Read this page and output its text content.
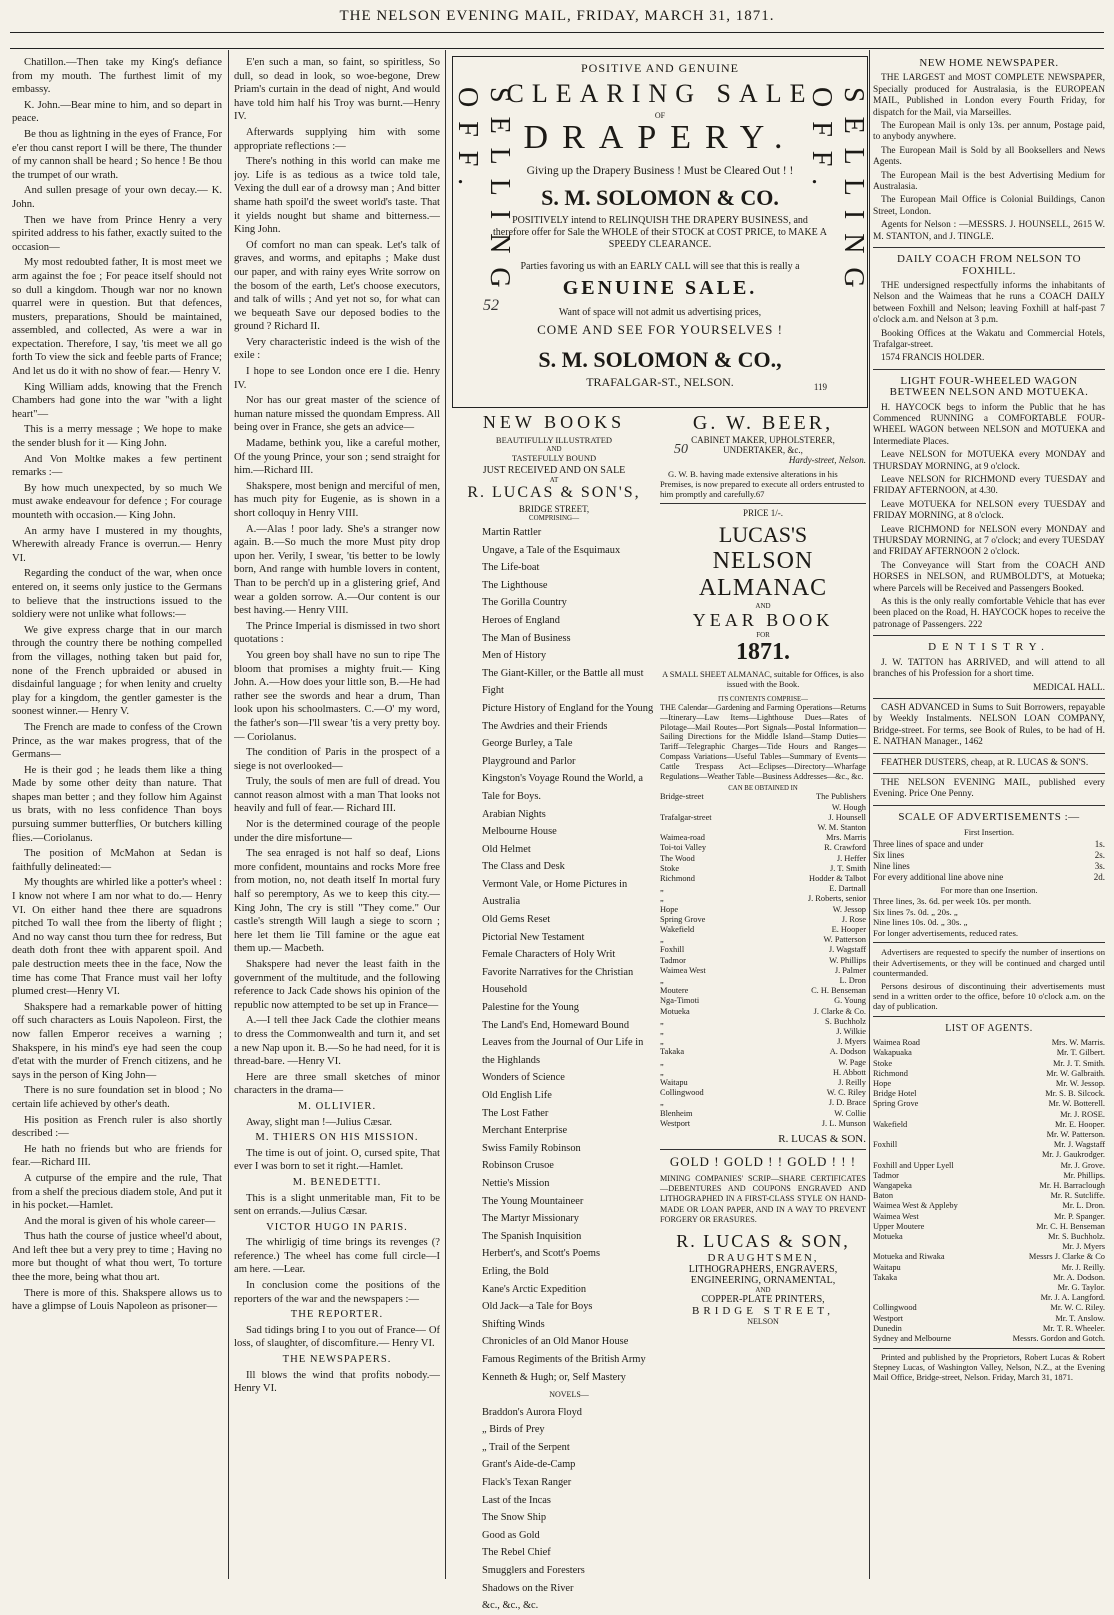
THE NELSON EVENING MAIL, FRIDAY, MARCH 31, 1871.

Chatillon.—Then take my King's defiance from my mouth. The furthest limit of my embassy.

K. John.—Bear mine to him, and so depart in peace.

Be thou as lightning in the eyes of France, For e'er thou canst report I will be there, The thunder of my cannon shall be heard ; So hence ! Be thou the trumpet of our wrath.

And sullen presage of your own decay.— K. John.

Then we have from Prince Henry a very spirited address to his father, exactly suited to the occasion—

My most redoubted father, It is most meet we arm against the foe ; For peace itself should not so dull a kingdom. Though war nor no known quarrel were in question. But that defences, musters, preparations, Should be maintained, assembled, and collected, As were a war in expectation. Therefore, I say, 'tis meet we all go forth To view the sick and feeble parts of France; And let us do it with no show of fear.— Henry V.

King William adds, knowing that the French Chambers had gone into the war "with a light heart"—

This is a merry message ; We hope to make the sender blush for it — King John.

And Von Moltke makes a few pertinent remarks :—

By how much unexpected, by so much We must awake endeavour for defence ; For courage mounteth with occasion.— King John.

An army have I mustered in my thoughts, Wherewith already France is overrun.— Henry VI.

Regarding the conduct of the war, when once entered on, it seems only justice to the Germans to believe that the instructions issued to the soldiery were not unlike what follows:—

We give express charge that in our march through the country there be nothing compelled from the villages, nothing taken but paid for, none of the French upbraided or abused in disdainful language ; for when lenity and cruelty play for a kingdom, the gentler gamester is the soonest winner.— Henry V.

The French are made to confess of the Crown Prince, as the war makes progress, that of the Germans—

He is their god ; he leads them like a thing Made by some other deity than nature. That shapes man better ; and they follow him Against us brats, with no less confidence Than boys pursuing summer butterflies, Or butchers killing flies.—Coriolanus.

The position of McMahon at Sedan is faithfully delineated:—

My thoughts are whirled like a potter's wheel : I know not where I am nor what to do.— Henry VI. On either hand thee there are squadrons pitched To wall thee from the liberty of flight ; And no way canst thou turn thee for redress, But death doth front thee with apparent spoil. And pale destruction meets thee in the face, Now the time has come That France must vail her lofty plumed crest—Henry VI.

Shakspere had a remarkable power of hitting off such characters as Louis Napoleon. First, the now fallen Emperor receives a warning ; Shakspere, in his mind's eye had seen the coup d'etat with the murder of French citizens, and he says in the person of King John—

There is no sure foundation set in blood ; No certain life achieved by other's death.

His position as French ruler is also shortly described :—

He hath no friends but who are friends for fear.—Richard III.

A cutpurse of the empire and the rule, That from a shelf the precious diadem stole, And put it in his pocket.—Hamlet.

And the moral is given of his whole career—

Thus hath the course of justice wheel'd about, And left thee but a very prey to time ; Having no more but thought of what thou wert, To torture thee the more, being what thou art.

There is more of this. Shakspere allows us to have a glimpse of Louis Napoleon as prisoner—

E'en such a man, so faint, so spiritless, So dull, so dead in look, so woe-begone, Drew Priam's curtain in the dead of night, And would have told him half his Troy was burnt.—Henry IV.

Afterwards supplying him with some appropriate reflections :—

There's nothing in this world can make me joy. Life is as tedious as a twice told tale, Vexing the dull ear of a drowsy man ; And bitter shame hath spoil'd the sweet world's taste. That it yields nought but shame and bitterness.—King John.

Of comfort no man can speak. Let's talk of graves, and worms, and epitaphs ; Make dust our paper, and with rainy eyes Write sorrow on the bosom of the earth, Let's choose executors, and talk of wills ; And yet not so, for what can we bequeath Save our deposed bodies to the ground ? Richard II.

Very characteristic indeed is the wish of the exile :

I hope to see London once ere I die. Henry IV.

Nor has our great master of the science of human nature missed the quondam Empress. All being over in France, she gets an advice—

Madame, bethink you, like a careful mother, Of the young Prince, your son ; send straight for him.—Richard III.

Shakspere, most benign and merciful of men, has much pity for Eugenie, as is shown in a short colloquy in Henry VIII.

A.—Alas ! poor lady. She's a stranger now again. B.—So much the more Must pity drop upon her. Verily, I swear, 'tis better to be lowly born, And range with humble lovers in content, Than to be perch'd up in a glistering grief, And wear a golden sorrow. A.—Our content is our best having.— Henry VIII.

The Prince Imperial is dismissed in two short quotations :

You green boy shall have no sun to ripe The bloom that promises a mighty fruit.— King John. A.—How does your little son, B.—He had rather see the swords and hear a drum, Than look upon his schoolmasters. C.—O' my word, the father's son—I'll swear 'tis a very pretty boy.— Coriolanus.

The condition of Paris in the prospect of a siege is not overlooked—

Truly, the souls of men are full of dread. You cannot reason almost with a man That looks not heavily and full of fear.— Richard III.

Nor is the determined courage of the people under the dire misfortune—

The sea enraged is not half so deaf, Lions more confident, mountains and rocks More free from motion, no, not death itself In mortal fury half so peremptory, As we to keep this city.—King John, The cry is still "They come." Our castle's strength Will laugh a siege to scorn ; here let them lie Till famine or the ague eat them up.— Macbeth.

Shakspere had never the least faith in the government of the multitude, and the following reference to Jack Cade shows his opinion of the republic now attempted to be set up in France—

A.—I tell thee Jack Cade the clothier means to dress the Commonwealth and turn it, and set a new Nap upon it. B.—So he had need, for it is thread-bare. —Henry VI.

Here are three small sketches of minor characters in the drama—

M. OLLIVIER.

Away, slight man !—Julius Cæsar.

M. THIERS ON HIS MISSION.

The time is out of joint. O, cursed spite, That ever I was born to set it right.—Hamlet.

M. BENEDETTI.

This is a slight unmeritable man, Fit to be sent on errands.—Julius Cæsar.

VICTOR HUGO IN PARIS.

The whirligig of time brings its revenges (? reference.) The wheel has come full circle—I am here. —Lear.

In conclusion come the positions of the reporters of the war and the newspapers :—

THE REPORTER.

Sad tidings bring I to you out of France— Of loss, of slaughter, of discomfiture.— Henry VI.

THE NEWSPAPERS.

Ill blows the wind that profits nobody.— Henry VI.

SELLING OFF.	SELLING OFF.
POSITIVE AND GENUINE
CLEARING SALE
OF
DRAPERY.
Giving up the Drapery Business ! Must be Cleared Out ! !
S. M. SOLOMON & CO.
POSITIVELY intend to RELINQUISH THE DRAPERY BUSINESS, and therefore offer for Sale the WHOLE of their STOCK at COST PRICE, to MAKE A SPEEDY CLEARANCE.
Parties favoring us with an EARLY CALL will see that this is really a
GENUINE SALE.
Want of space will not admit us advertising prices,
COME AND SEE FOR YOURSELVES !
S. M. SOLOMON & CO.,
TRAFALGAR-ST., NELSON.	119
52
NEW BOOKS
BEAUTIFULLY ILLUSTRATED
AND
TASTEFULLY BOUND
JUST RECEIVED AND ON SALE
AT
R. LUCAS & SON'S,
BRIDGE STREET,
COMPRISING—
Martin Rattler
Ungave, a Tale of the Esquimaux
The Life-boat
The Lighthouse
The Gorilla Country
Heroes of England
The Man of Business
Men of History
The Giant-Killer, or the Battle all must Fight
Picture History of England for the Young
The Awdries and their Friends
George Burley, a Tale
Playground and Parlor
Kingston's Voyage Round the World, a Tale for Boys.
Arabian Nights
Melbourne House
Old Helmet
The Class and Desk
Vermont Vale, or Home Pictures in Australia
Old Gems Reset
Pictorial New Testament
Female Characters of Holy Writ
Favorite Narratives for the Christian Household
Palestine for the Young
The Land's End, Homeward Bound
Leaves from the Journal of Our Life in the Highlands
Wonders of Science
Old English Life
The Lost Father
Merchant Enterprise
Swiss Family Robinson
Robinson Crusoe
Nettie's Mission
The Young Mountaineer
The Martyr Missionary
The Spanish Inquisition
Herbert's, and Scott's Poems
Erling, the Bold
Kane's Arctic Expedition
Old Jack—a Tale for Boys
Shifting Winds
Chronicles of an Old Manor House
Famous Regiments of the British Army
Kenneth & Hugh; or, Self Mastery
NOVELS—
Braddon's Aurora Floyd
„ Birds of Prey
„ Trail of the Serpent
Grant's Aide-de-Camp
Flack's Texan Ranger
Last of the Incas
The Snow Ship
Good as Gold
The Rebel Chief
Smugglers and Foresters
Shadows on the River
&c., &c., &c.
G. W. BEER,
CABINET MAKER, UPHOLSTERER,
UNDERTAKER, &c.,
Hardy-street, Nelson.
G. W. B. having made extensive alterations in his Premises, is now prepared to execute all orders entrusted to him promptly and carefully.67
50
PRICE 1/-.
LUCAS'S
NELSON ALMANAC
AND
YEAR BOOK
FOR
1871.
A SMALL SHEET ALMANAC, suitable for Offices, is also issued with the Book.
ITS CONTENTS COMPRISE—
THE Calendar—Gardening and Farming Operations—Returns—Itinerary—Law Items—Lighthouse Dues—Rates of Pilotage—Mail Routes—Port Signals—Postal Information—Sailing Directions for the Middle Island—Stamp Duties—Tariff—Telegraphic Charges—Tide Hours and Ranges—Compass Variations—Useful Tables—Summary of Events—Cattle Trespass Act—Eclipses—Directory—Wharfage Regulations—Weather Table—Business Addresses—&c., &c.
CAN BE OBTAINED IN
Bridge-street	The Publishers
W. Hough
Trafalgar-street	J. Hounsell
W. M. Stanton
Waimea-road	Mrs. Marris
Toi-toi Valley	R. Crawford
The Wood	J. Heffer
Stoke	J. T. Smith
Richmond	Hodder & Talbot
„	E. Dartnall
„	J. Roberts, senior
Hope	W. Jessop
Spring Grove	J. Rose
Wakefield	E. Hooper
„	W. Patterson
Foxhill	J. Wagstaff
Tadmor	W. Phillips
Waimea West	J. Palmer
„	L. Dron
Moutere	C. H. Benseman
Nga-Timoti	G. Young
Motueka	J. Clarke & Co.
„	S. Buchholz
„	J. Wilkie
„	J. Myers
Takaka	A. Dodson
„	W. Page
„	H. Abbott
Waitapu	J. Reilly
Collingwood	W. C. Riley
„	J. D. Brace
Blenheim	W. Collie
Westport	J. L. Munson
R. LUCAS & SON.
GOLD ! GOLD ! ! GOLD ! ! !
MINING COMPANIES' SCRIP—SHARE CERTIFICATES—DEBENTURES AND COUPONS ENGRAVED AND LITHOGRAPHED IN A FIRST-CLASS STYLE ON HAND-MADE OR LOAN PAPER, AND IN A WAY TO PREVENT FORGERY OR ERASURES.
R. LUCAS & SON,
DRAUGHTSMEN,
LITHOGRAPHERS, ENGRAVERS,
ENGINEERING, ORNAMENTAL,
AND
COPPER-PLATE PRINTERS,
BRIDGE STREET,
NELSON
NEW HOME NEWSPAPER.

THE LARGEST and MOST COMPLETE NEWSPAPER, Specially produced for Australasia, is the EUROPEAN MAIL, Published in London every Fourth Friday, for dispatch for the Mail, via Marseilles.

The European Mail is only 13s. per annum, Postage paid, to anybody anywhere.

The European Mail is Sold by all Booksellers and News Agents.

The European Mail is the best Advertising Medium for Australasia.

The European Mail Office is Colonial Buildings, Canon Street, London.

Agents for Nelson : —MESSRS. J. HOUNSELL, 2615 W. M. STANTON, and J. TINGLE.

DAILY COACH FROM NELSON TO FOXHILL.

THE undersigned respectfully informs the inhabitants of Nelson and the Waimeas that he runs a COACH DAILY between Foxhill and Nelson; leaving Foxhill at half-past 7 o'clock a.m. and Nelson at 3 p.m.

Booking Offices at the Wakatu and Commercial Hotels, Trafalgar-street.

1574 FRANCIS HOLDER.

LIGHT FOUR-WHEELED WAGON BETWEEN NELSON AND MOTUEKA.

H. HAYCOCK begs to inform the Public that he has Commenced RUNNING a COMFORTABLE FOUR-WHEEL WAGON between NELSON and MOTUEKA and Intermediate Places.

Leave NELSON for MOTUEKA every MONDAY and THURSDAY MORNING, at 9 o'clock.

Leave NELSON for RICHMOND every TUESDAY and FRIDAY AFTERNOON, at 4.30.

Leave MOTUEKA for NELSON every TUESDAY and FRIDAY MORNING, at 8 o'clock.

Leave RICHMOND for NELSON every MONDAY and THURSDAY MORNING, at 7 o'clock; and every TUESDAY and FRIDAY AFTERNOON 2 o'clock.

The Conveyance will Start from the COACH AND HORSES in NELSON, and RUMBOLDT'S, at Motueka; where Parcels will be Received and Passengers Booked.

As this is the only really comfortable Vehicle that has ever been placed on the Road, H. HAYCOCK hopes to receive the patronage of Passengers. 222

DENTISTRY.

J. W. TATTON has ARRIVED, and will attend to all branches of his Profession for a short time.

MEDICAL HALL.

CASH ADVANCED in Sums to Suit Borrowers, repayable by Weekly Instalments. NELSON LOAN COMPANY, Bridge-street. For terms, see Book of Rules, to be had of H. E. NATHAN Manager., 1462

FEATHER DUSTERS, cheap, at R. LUCAS & SON'S.

THE NELSON EVENING MAIL, published every Evening. Price One Penny.

SCALE OF ADVERTISEMENTS :—
First Insertion.
Three lines of space and under	1s.
Six lines	2s.
Nine lines	3s.
For every additional line above nine	2d.
For more than one Insertion.
Three lines, 3s. 6d. per week 10s. per month.
Six lines 7s. 0d. „ 20s. „
Nine lines 10s. 0d. „ 30s. „
For longer advertisements, reduced rates.

Advertisers are requested to specify the number of insertions on their Advertisements, or they will be continued and charged until countermanded.

Persons desirous of discontinuing their advertisements must send in a written order to the office, before 10 o'clock a.m. on the day of publication.

LIST OF AGENTS.
Waimea Road	Mrs. W. Marris.
Wakapuaka	Mr. T. Gilbert.
Stoke	Mr. J. T. Smith.
Richmond	Mr. W. Galbraith.
Hope	Mr. W. Jessop.
Bridge Hotel	Mr. S. B. Silcock.
Spring Grove	Mr. W. Botterell.
Mr. J. ROSE.
Wakefield	Mr. E. Hooper.
Mr. W. Patterson.
Foxhill	Mr. J. Wagstaff
Mr. J. Gaukrodger.
Foxhill and Upper Lyell	Mr. J. Grove.
Tadmor	Mr. Phillips.
Wangapeka	Mr. H. Barraclough
Baton	Mr. R. Sutcliffe.
Waimea West & Appleby	Mr. L. Dron.
Waimea West	Mr. P. Spanger.
Upper Moutere	Mr. C. H. Benseman
Motueka	Mr. S. Buchholz.
Mr. J. Myers
Motueka and Riwaka	Messrs J. Clarke & Co
Waitapu	Mr. J. Reilly.
Takaka	Mr. A. Dodson.
Mr. G. Taylor.
Mr. J. A. Langford.
Collingwood	Mr. W. C. Riley.
Westport	Mr. T. Anslow.
Dunedin	Mr. T. R. Wheeler.
Sydney and Melbourne	Messrs. Gordon and Gotch.

Printed and published by the Proprietors, Robert Lucas & Robert Stepney Lucas, of Washington Valley, Nelson, N.Z., at the Evening Mail Office, Bridge-street, Nelson. Friday, March 31, 1871.
